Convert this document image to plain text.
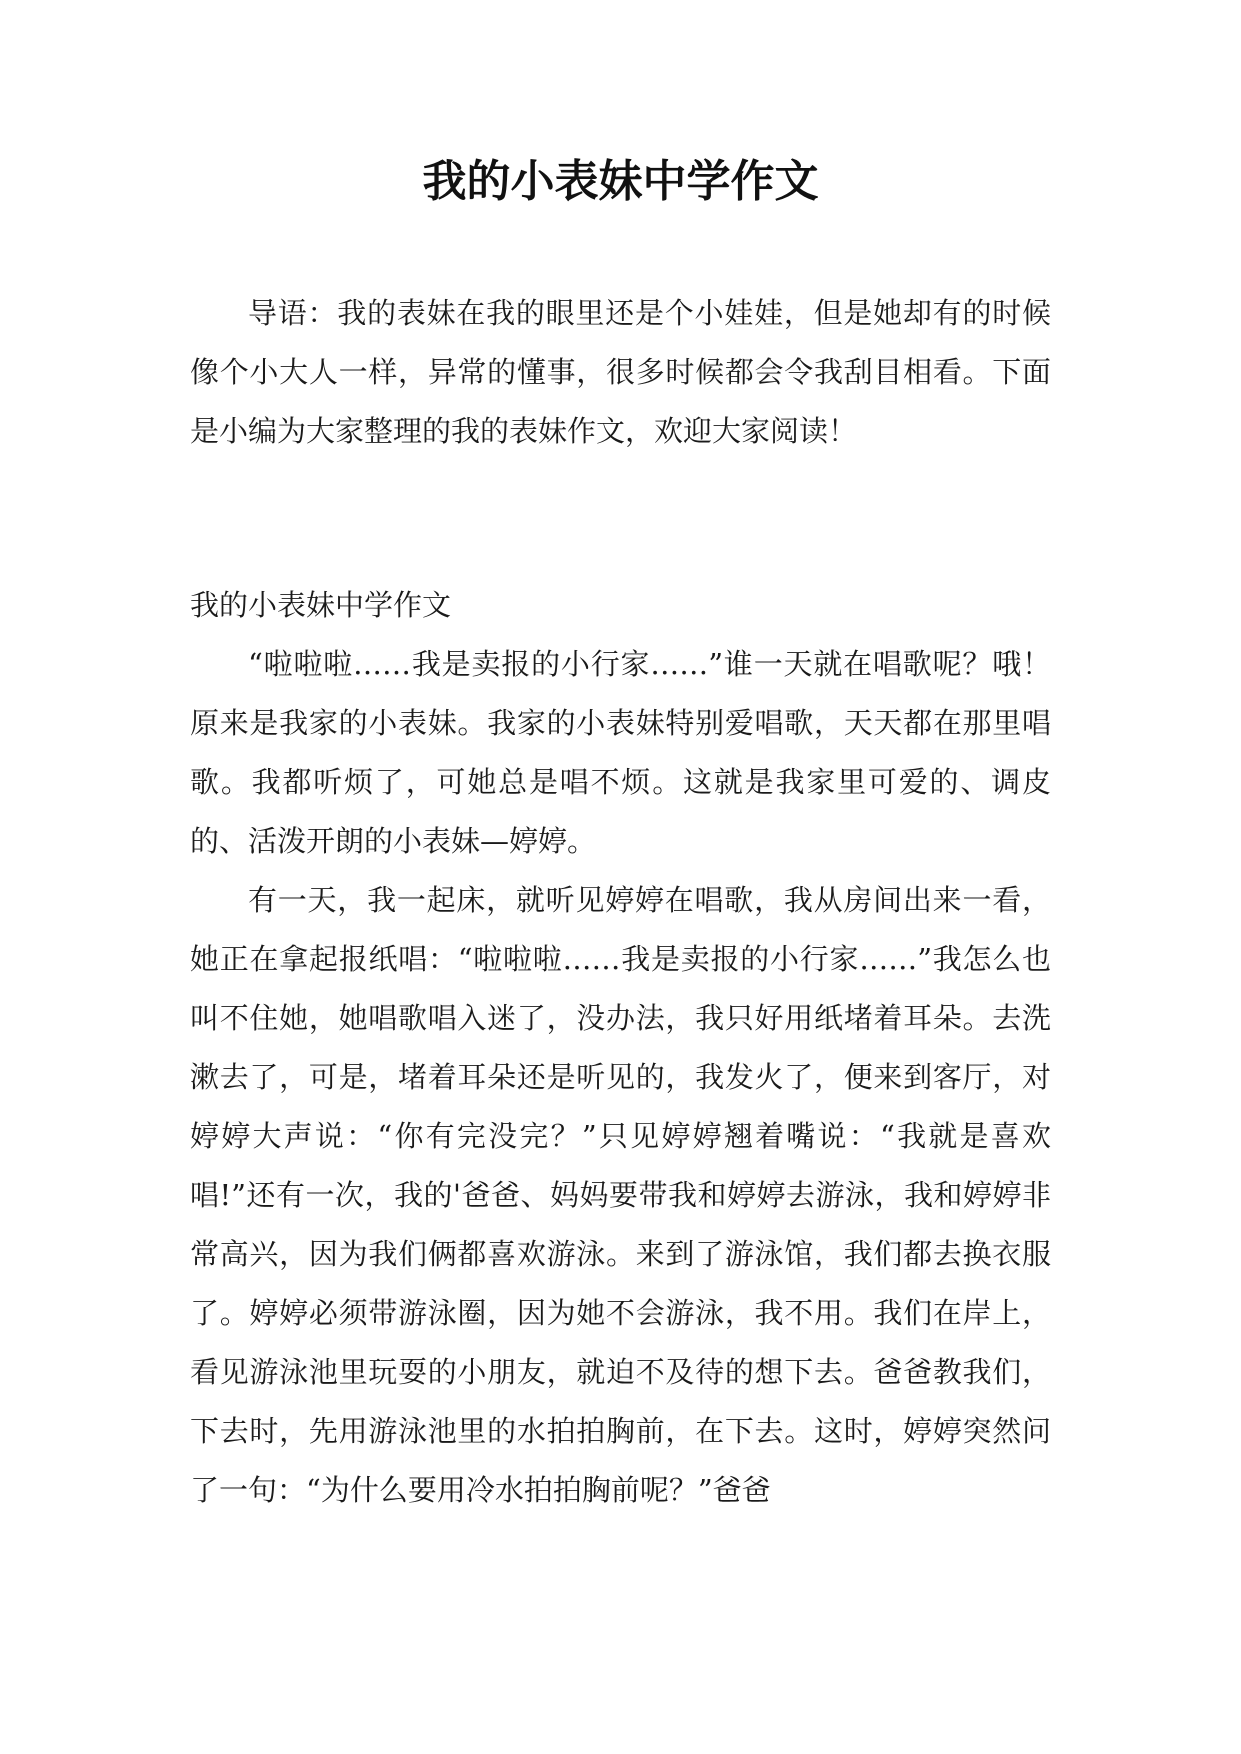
我的小表妹中学作文

导语：我的表妹在我的眼里还是个小娃娃，但是她却有的时候像个小大人一样，异常的懂事，很多时候都会令我刮目相看。下面是小编为大家整理的我的表妹作文，欢迎大家阅读！

我的小表妹中学作文

“啦啦啦……我是卖报的小行家……”谁一天就在唱歌呢？哦！原来是我家的小表妹。我家的小表妹特别爱唱歌，天天都在那里唱歌。我都听烦了，可她总是唱不烦。这就是我家里可爱的、调皮的、活泼开朗的小表妹—婷婷。

有一天，我一起床，就听见婷婷在唱歌，我从房间出来一看，她正在拿起报纸唱：“啦啦啦……我是卖报的小行家……”我怎么也叫不住她，她唱歌唱入迷了，没办法，我只好用纸堵着耳朵。去洗漱去了，可是，堵着耳朵还是听见的，我发火了，便来到客厅，对婷婷大声说：“你有完没完？”只见婷婷翘着嘴说：“我就是喜欢唱!”还有一次，我的'爸爸、妈妈要带我和婷婷去游泳，我和婷婷非常高兴，因为我们俩都喜欢游泳。来到了游泳馆，我们都去换衣服了。婷婷必须带游泳圈，因为她不会游泳，我不用。我们在岸上，看见游泳池里玩耍的小朋友，就迫不及待的想下去。爸爸教我们，下去时，先用游泳池里的水拍拍胸前，在下去。这时，婷婷突然问了一句：“为什么要用冷水拍拍胸前呢？”爸爸
